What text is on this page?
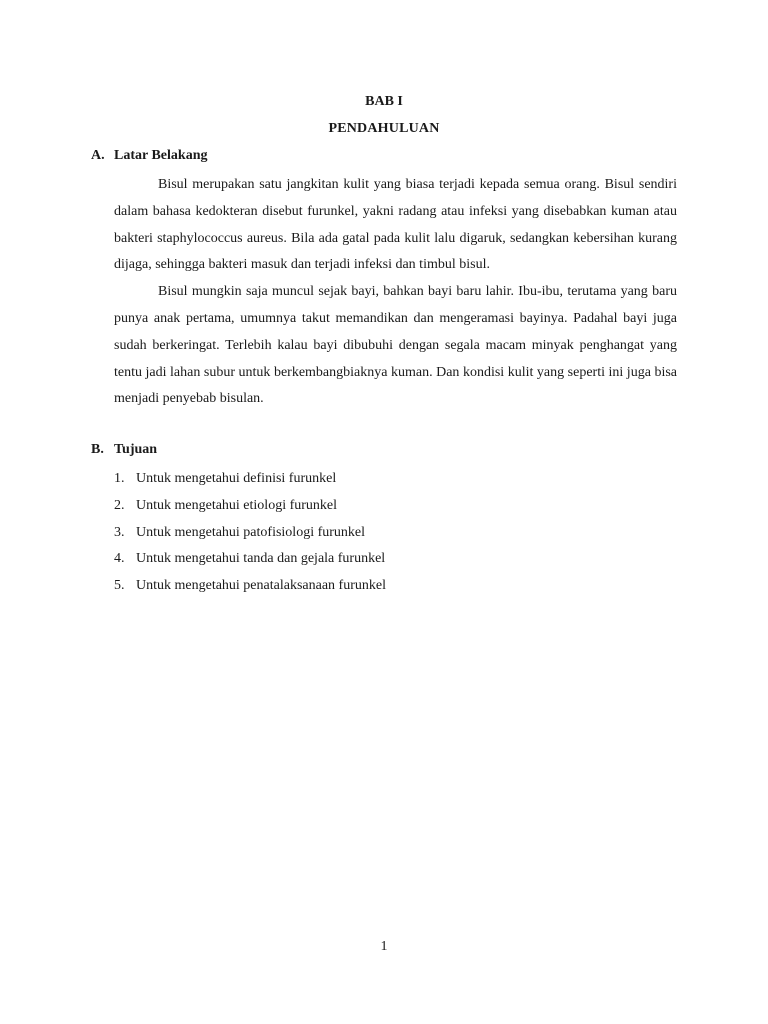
BAB I
PENDAHULUAN
A. Latar Belakang

Bisul merupakan satu jangkitan kulit yang biasa terjadi kepada semua orang. Bisul sendiri dalam bahasa kedokteran disebut furunkel, yakni radang atau infeksi yang disebabkan kuman atau bakteri staphylococcus aureus. Bila ada gatal pada kulit lalu digaruk, sedangkan kebersihan kurang dijaga, sehingga bakteri masuk dan terjadi infeksi dan timbul bisul.

Bisul mungkin saja muncul sejak bayi, bahkan bayi baru lahir. Ibu-ibu, terutama yang baru punya anak pertama, umumnya takut memandikan dan mengeramasi bayinya. Padahal bayi juga sudah berkeringat. Terlebih kalau bayi dibubuhi dengan segala macam minyak penghangat yang tentu jadi lahan subur untuk berkembangbiaknya kuman. Dan kondisi kulit yang seperti ini juga bisa menjadi penyebab bisulan.

B. Tujuan
1. Untuk mengetahui definisi furunkel
2. Untuk mengetahui etiologi furunkel
3. Untuk mengetahui patofisiologi furunkel
4. Untuk mengetahui tanda dan gejala furunkel
5. Untuk mengetahui penatalaksanaan furunkel
1
